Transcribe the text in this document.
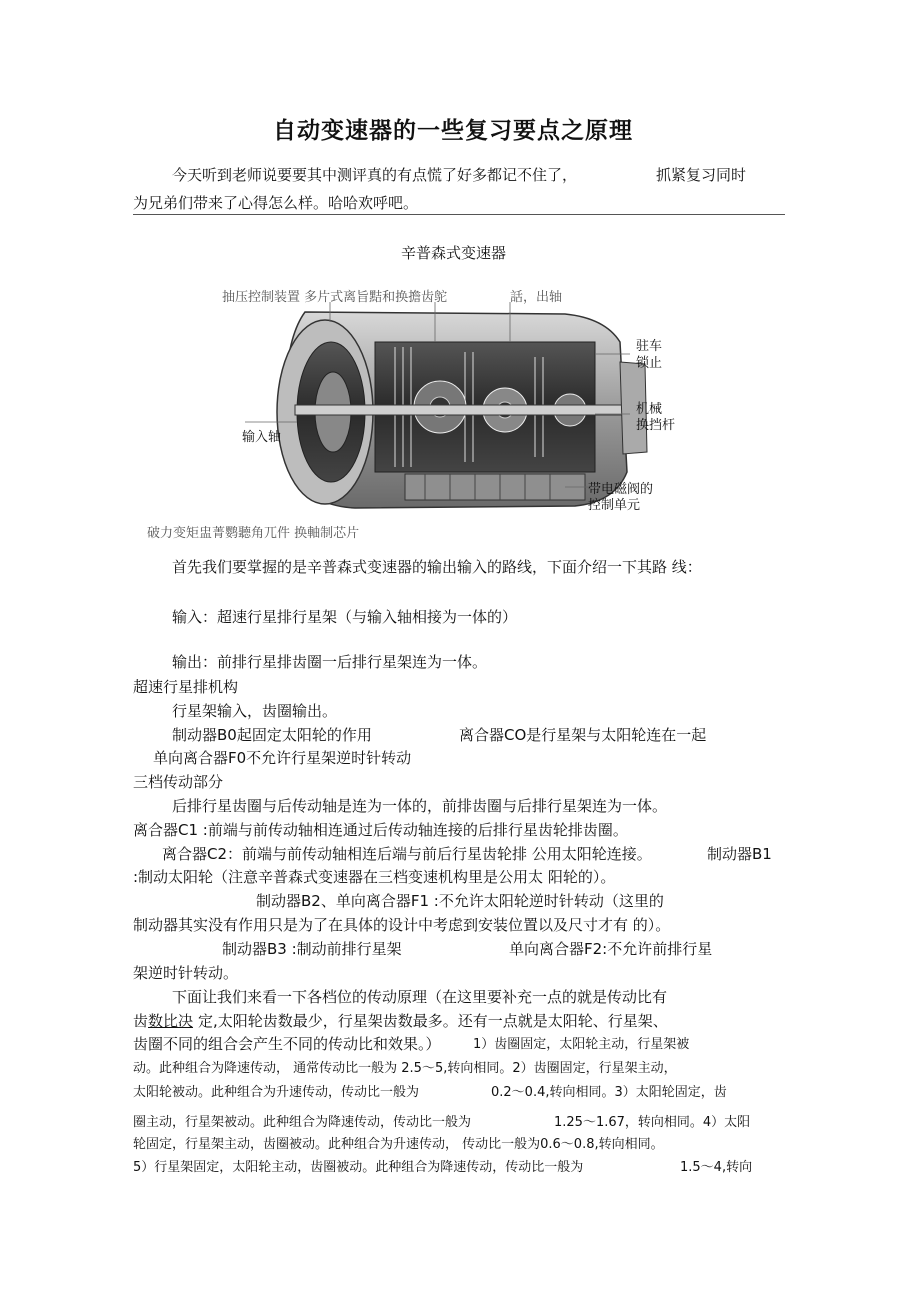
自动变速器的一些复习要点之原理
今天听到老师说要要其中测评真的有点慌了好多都记不住了，	抓紧复习同时
为兄弟们带来了心得怎么样。哈哈欢呼吧。
辛普森式变速器
抽压控制装置 多片式离旨黠和换擔齿鸵	話，出轴
输入轴
驻车
锁止
机械
换挡杆
带电磁阀的
控制单元
破力变矩盅菁鹦聽角兀件 换軸制芯片
首先我们要掌握的是辛普森式变速器的输出输入的路线，下面介绍一下其路 线：
输入：超速行星排行星架（与输入轴相接为一体的）
输出：前排行星排齿圈一后排行星架连为一体。
超速行星排机构
行星架输入，齿圈输出。
制动器B0起固定太阳轮的作用	离合器CO是行星架与太阳轮连在一起
单向离合器F0不允许行星架逆时针转动
三档传动部分
后排行星齿圈与后传动轴是连为一体的，前排齿圈与后排行星架连为一体。
离合器C1 :前端与前传动轴相连通过后传动轴连接的后排行星齿轮排齿圈。
离合器C2：前端与前传动轴相连后端与前后行星齿轮排 公用太阳轮连接。	制动器B1
:制动太阳轮（注意辛普森式变速器在三档变速机构里是公用太 阳轮的）。
制动器B2、单向离合器F1 :不允许太阳轮逆时针转动（这里的
制动器其实没有作用只是为了在具体的设计中考虑到安装位置以及尺寸才有 的）。
制动器B3 :制动前排行星架	单向离合器F2:不允许前排行星
架逆时针转动。
下面让我们来看一下各档位的传动原理（在这里要补充一点的就是传动比有
齿 数比决 定,太阳轮齿数最少，行星架齿数最多。还有一点就是太阳轮、行星架、
齿圈不同的组合会产生不同的传动比和效果。） 1）齿圈固定，太阳轮主动，行星架被
动。此种组合为降速传动， 通常传动比一般为 2.5～5,转向相同。2）齿圈固定，行星架主动，
太阳轮被动。此种组合为升速传动，传动比一般为	0.2～0.4,转向相同。3）太阳轮固定，齿
圈主动，行星架被动。此种组合为降速传动，传动比一般为	1.25～1.67，转向相同。4）太阳
轮固定，行星架主动，齿圈被动。此种组合为升速传动， 传动比一般为0.6～0.8,转向相同。
5）行星架固定，太阳轮主动，齿圈被动。此种组合为降速传动，传动比一般为	1.5～4,转向
